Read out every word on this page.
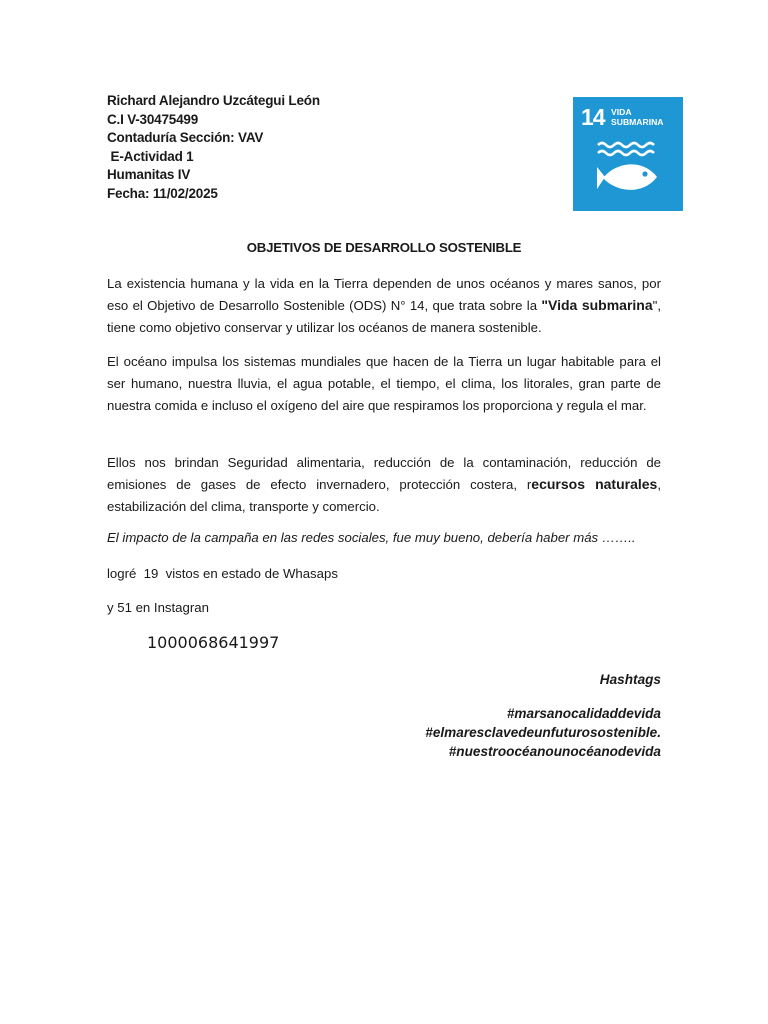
Richard Alejandro Uzcátegui León
C.I V-30475499
Contaduría Sección: VAV
E-Actividad 1
Humanitas IV
Fecha: 11/02/2025
14 VIDA
SUBMARINA
OBJETIVOS DE DESARROLLO SOSTENIBLE
La existencia humana y la vida en la Tierra dependen de unos océanos y mares sanos, por eso el Objetivo de Desarrollo Sostenible (ODS) N° 14, que trata sobre la "Vida submarina", tiene como objetivo conservar y utilizar los océanos de manera sostenible.
El océano impulsa los sistemas mundiales que hacen de la Tierra un lugar habitable para el ser humano, nuestra lluvia, el agua potable, el tiempo, el clima, los litorales, gran parte de nuestra comida e incluso el oxígeno del aire que respiramos los proporciona y regula el mar.
Ellos nos brindan Seguridad alimentaria, reducción de la contaminación, reducción de emisiones de gases de efecto invernadero, protección costera, recursos naturales, estabilización del clima, transporte y comercio.
El impacto de la campaña en las redes sociales, fue muy bueno, debería haber más ……..
logré  19  vistos en estado de Whasaps
y 51 en Instagran
1000068641997
Hashtags
#marsanocalidaddevida
#elmaresclavedeunfuturosostenible.
#nuestroocéanounocéanodevida
